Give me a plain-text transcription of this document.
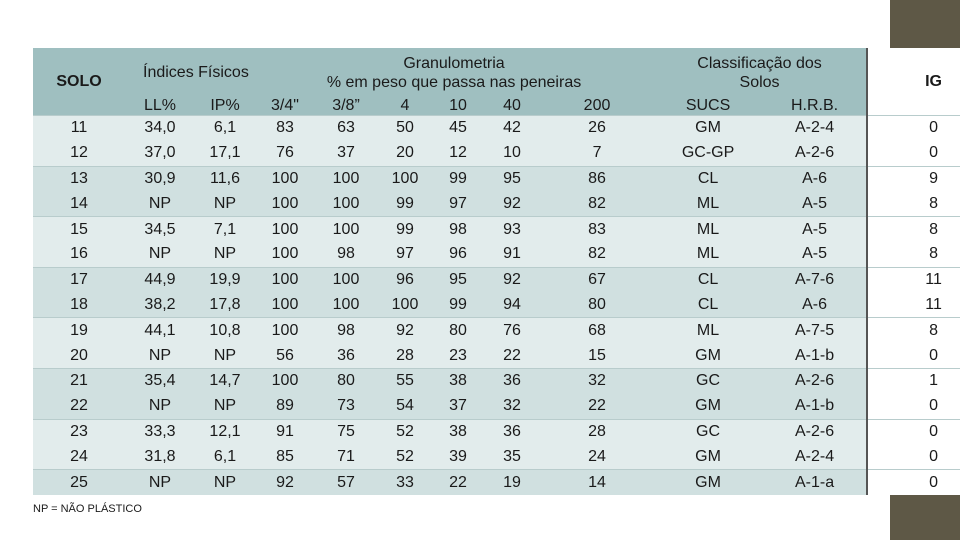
SOLO	Índices Físicos		Granulometria
% em peso que passa nas peneiras						Classificação dos Solos		IG
	LL%	IP%	3/4"	3/8”	4	10	40	200	SUCS	H.R.B.	
11	34,0	6,1	83	63	50	45	42	26	GM	A-2-4	0
12	37,0	17,1	76	37	20	12	10	7	GC-GP	A-2-6	0
13	30,9	11,6	100	100	100	99	95	86	CL	A-6	9
14	NP	NP	100	100	99	97	92	82	ML	A-5	8
15	34,5	7,1	100	100	99	98	93	83	ML	A-5	8
16	NP	NP	100	98	97	96	91	82	ML	A-5	8
17	44,9	19,9	100	100	96	95	92	67	CL	A-7-6	11
18	38,2	17,8	100	100	100	99	94	80	CL	A-6	11
19	44,1	10,8	100	98	92	80	76	68	ML	A-7-5	8
20	NP	NP	56	36	28	23	22	15	GM	A-1-b	0
21	35,4	14,7	100	80	55	38	36	32	GC	A-2-6	1
22	NP	NP	89	73	54	37	32	22	GM	A-1-b	0
23	33,3	12,1	91	75	52	38	36	28	GC	A-2-6	0
24	31,8	6,1	85	71	52	39	35	24	GM	A-2-4	0
25	NP	NP	92	57	33	22	19	14	GM	A-1-a	0
NP = NÃO PLÁSTICO
